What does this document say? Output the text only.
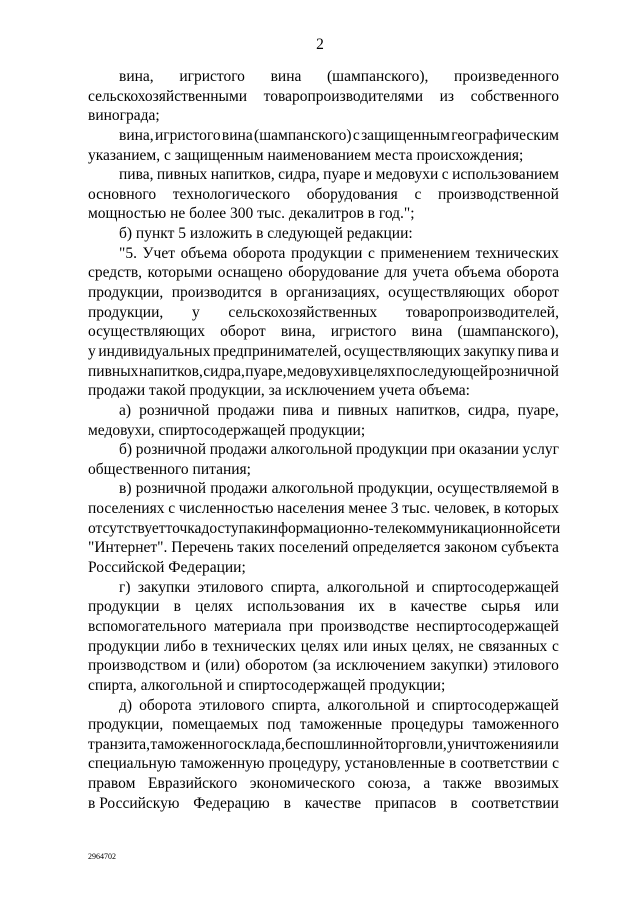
2
вина, игристого вина (шампанского), произведенного
сельскохозяйственными товаропроизводителями из собственного
винограда;
вина, игристого вина (шампанского) с защищенным географическим
указанием, с защищенным наименованием места происхождения;
пива, пивных напитков, сидра, пуаре и медовухи с использованием
основного технологического оборудования с производственной
мощностью не более 300 тыс. декалитров в год.";
б) пункт 5 изложить в следующей редакции:
"5. Учет объема оборота продукции с применением технических
средств, которыми оснащено оборудование для учета объема оборота
продукции, производится в организациях, осуществляющих оборот
продукции, у сельскохозяйственных товаропроизводителей,
осуществляющих оборот вина, игристого вина (шампанского),
у индивидуальных предпринимателей, осуществляющих закупку пива и
пивных напитков, сидра, пуаре, медовухи в целях последующей розничной
продажи такой продукции, за исключением учета объема:
а) розничной продажи пива и пивных напитков, сидра, пуаре,
медовухи, спиртосодержащей продукции;
б) розничной продажи алкогольной продукции при оказании услуг
общественного питания;
в) розничной продажи алкогольной продукции, осуществляемой в
поселениях с численностью населения менее 3 тыс. человек, в которых
отсутствует точка доступа к информационно-телекоммуникационной сети
"Интернет". Перечень таких поселений определяется законом субъекта
Российской Федерации;
г) закупки этилового спирта, алкогольной и спиртосодержащей
продукции в целях использования их в качестве сырья или
вспомогательного материала при производстве неспиртосодержащей
продукции либо в технических целях или иных целях, не связанных с
производством и (или) оборотом (за исключением закупки) этилового
спирта, алкогольной и спиртосодержащей продукции;
д) оборота этилового спирта, алкогольной и спиртосодержащей
продукции, помещаемых под таможенные процедуры таможенного
транзита, таможенного склада, беспошлинной торговли, уничтожения или
специальную таможенную процедуру, установленные в соответствии с
правом Евразийского экономического союза, а также ввозимых
в Российскую Федерацию в качестве припасов в соответствии
2964702
